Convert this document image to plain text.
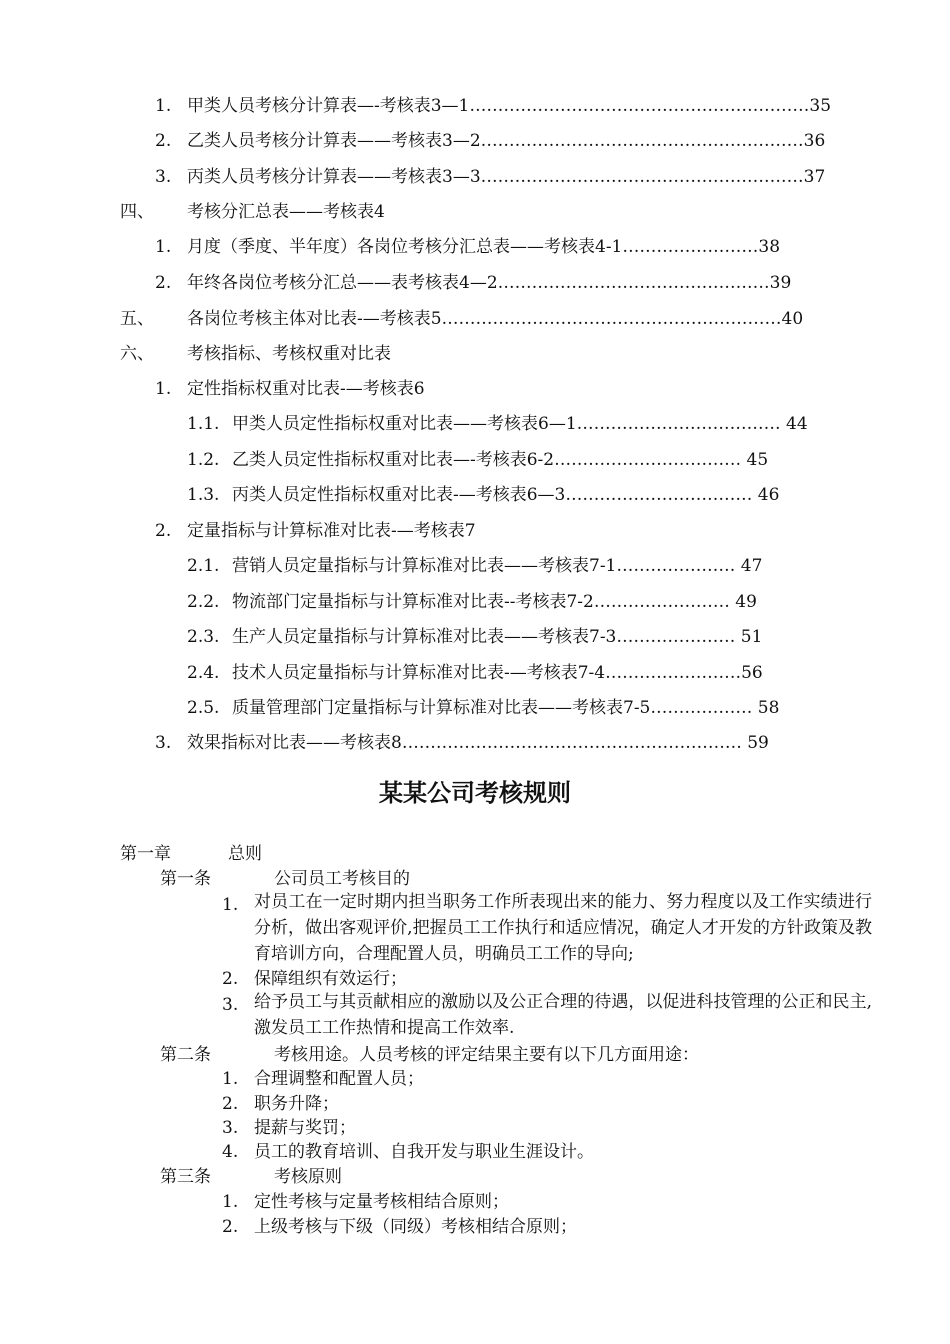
1. 甲类人员考核分计算表—-考核表3—1……………………………………………………35
2. 乙类人员考核分计算表——考核表3—2…………………………………………………36
3. 丙类人员考核分计算表——考核表3—3…………………………………………………37
四、 考核分汇总表——考核表4
1. 月度（季度、半年度）各岗位考核分汇总表——考核表4-1……………………38
2. 年终各岗位考核分汇总——表考核表4—2…………………………………………39
五、 各岗位考核主体对比表-—考核表5……………………………………………………40
六、 考核指标、考核权重对比表
1. 定性指标权重对比表-—考核表6
1.1. 甲类人员定性指标权重对比表——考核表6—1……………………………… 44
1.2. 乙类人员定性指标权重对比表—-考核表6-2…………………………… 45
1.3. 丙类人员定性指标权重对比表-—考核表6—3…………………………… 46
2. 定量指标与计算标准对比表-—考核表7
2.1. 营销人员定量指标与计算标准对比表——考核表7-1………………… 47
2.2. 物流部门定量指标与计算标准对比表--考核表7-2…………………… 49
2.3. 生产人员定量指标与计算标准对比表——考核表7-3………………… 51
2.4. 技术人员定量指标与计算标准对比表-—考核表7-4……………………56
2.5. 质量管理部门定量指标与计算标准对比表——考核表7-5……………… 58
3. 效果指标对比表——考核表8…………………………………………………… 59
某某公司考核规则
第一章	总则
第一条	公司员工考核目的
1. 对员工在一定时期内担当职务工作所表现出来的能力、努力程度以及工作实绩进行分析，做出客观评价,把握员工工作执行和适应情况，确定人才开发的方针政策及教育培训方向，合理配置人员，明确员工工作的导向;
2. 保障组织有效运行；
3. 给予员工与其贡献相应的激励以及公正合理的待遇，以促进科技管理的公正和民主,激发员工工作热情和提高工作效率.
第二条	考核用途。人员考核的评定结果主要有以下几方面用途：
1. 合理调整和配置人员；
2. 职务升降；
3. 提薪与奖罚；
4. 员工的教育培训、自我开发与职业生涯设计。
第三条	考核原则
1. 定性考核与定量考核相结合原则；
2. 上级考核与下级（同级）考核相结合原则；
